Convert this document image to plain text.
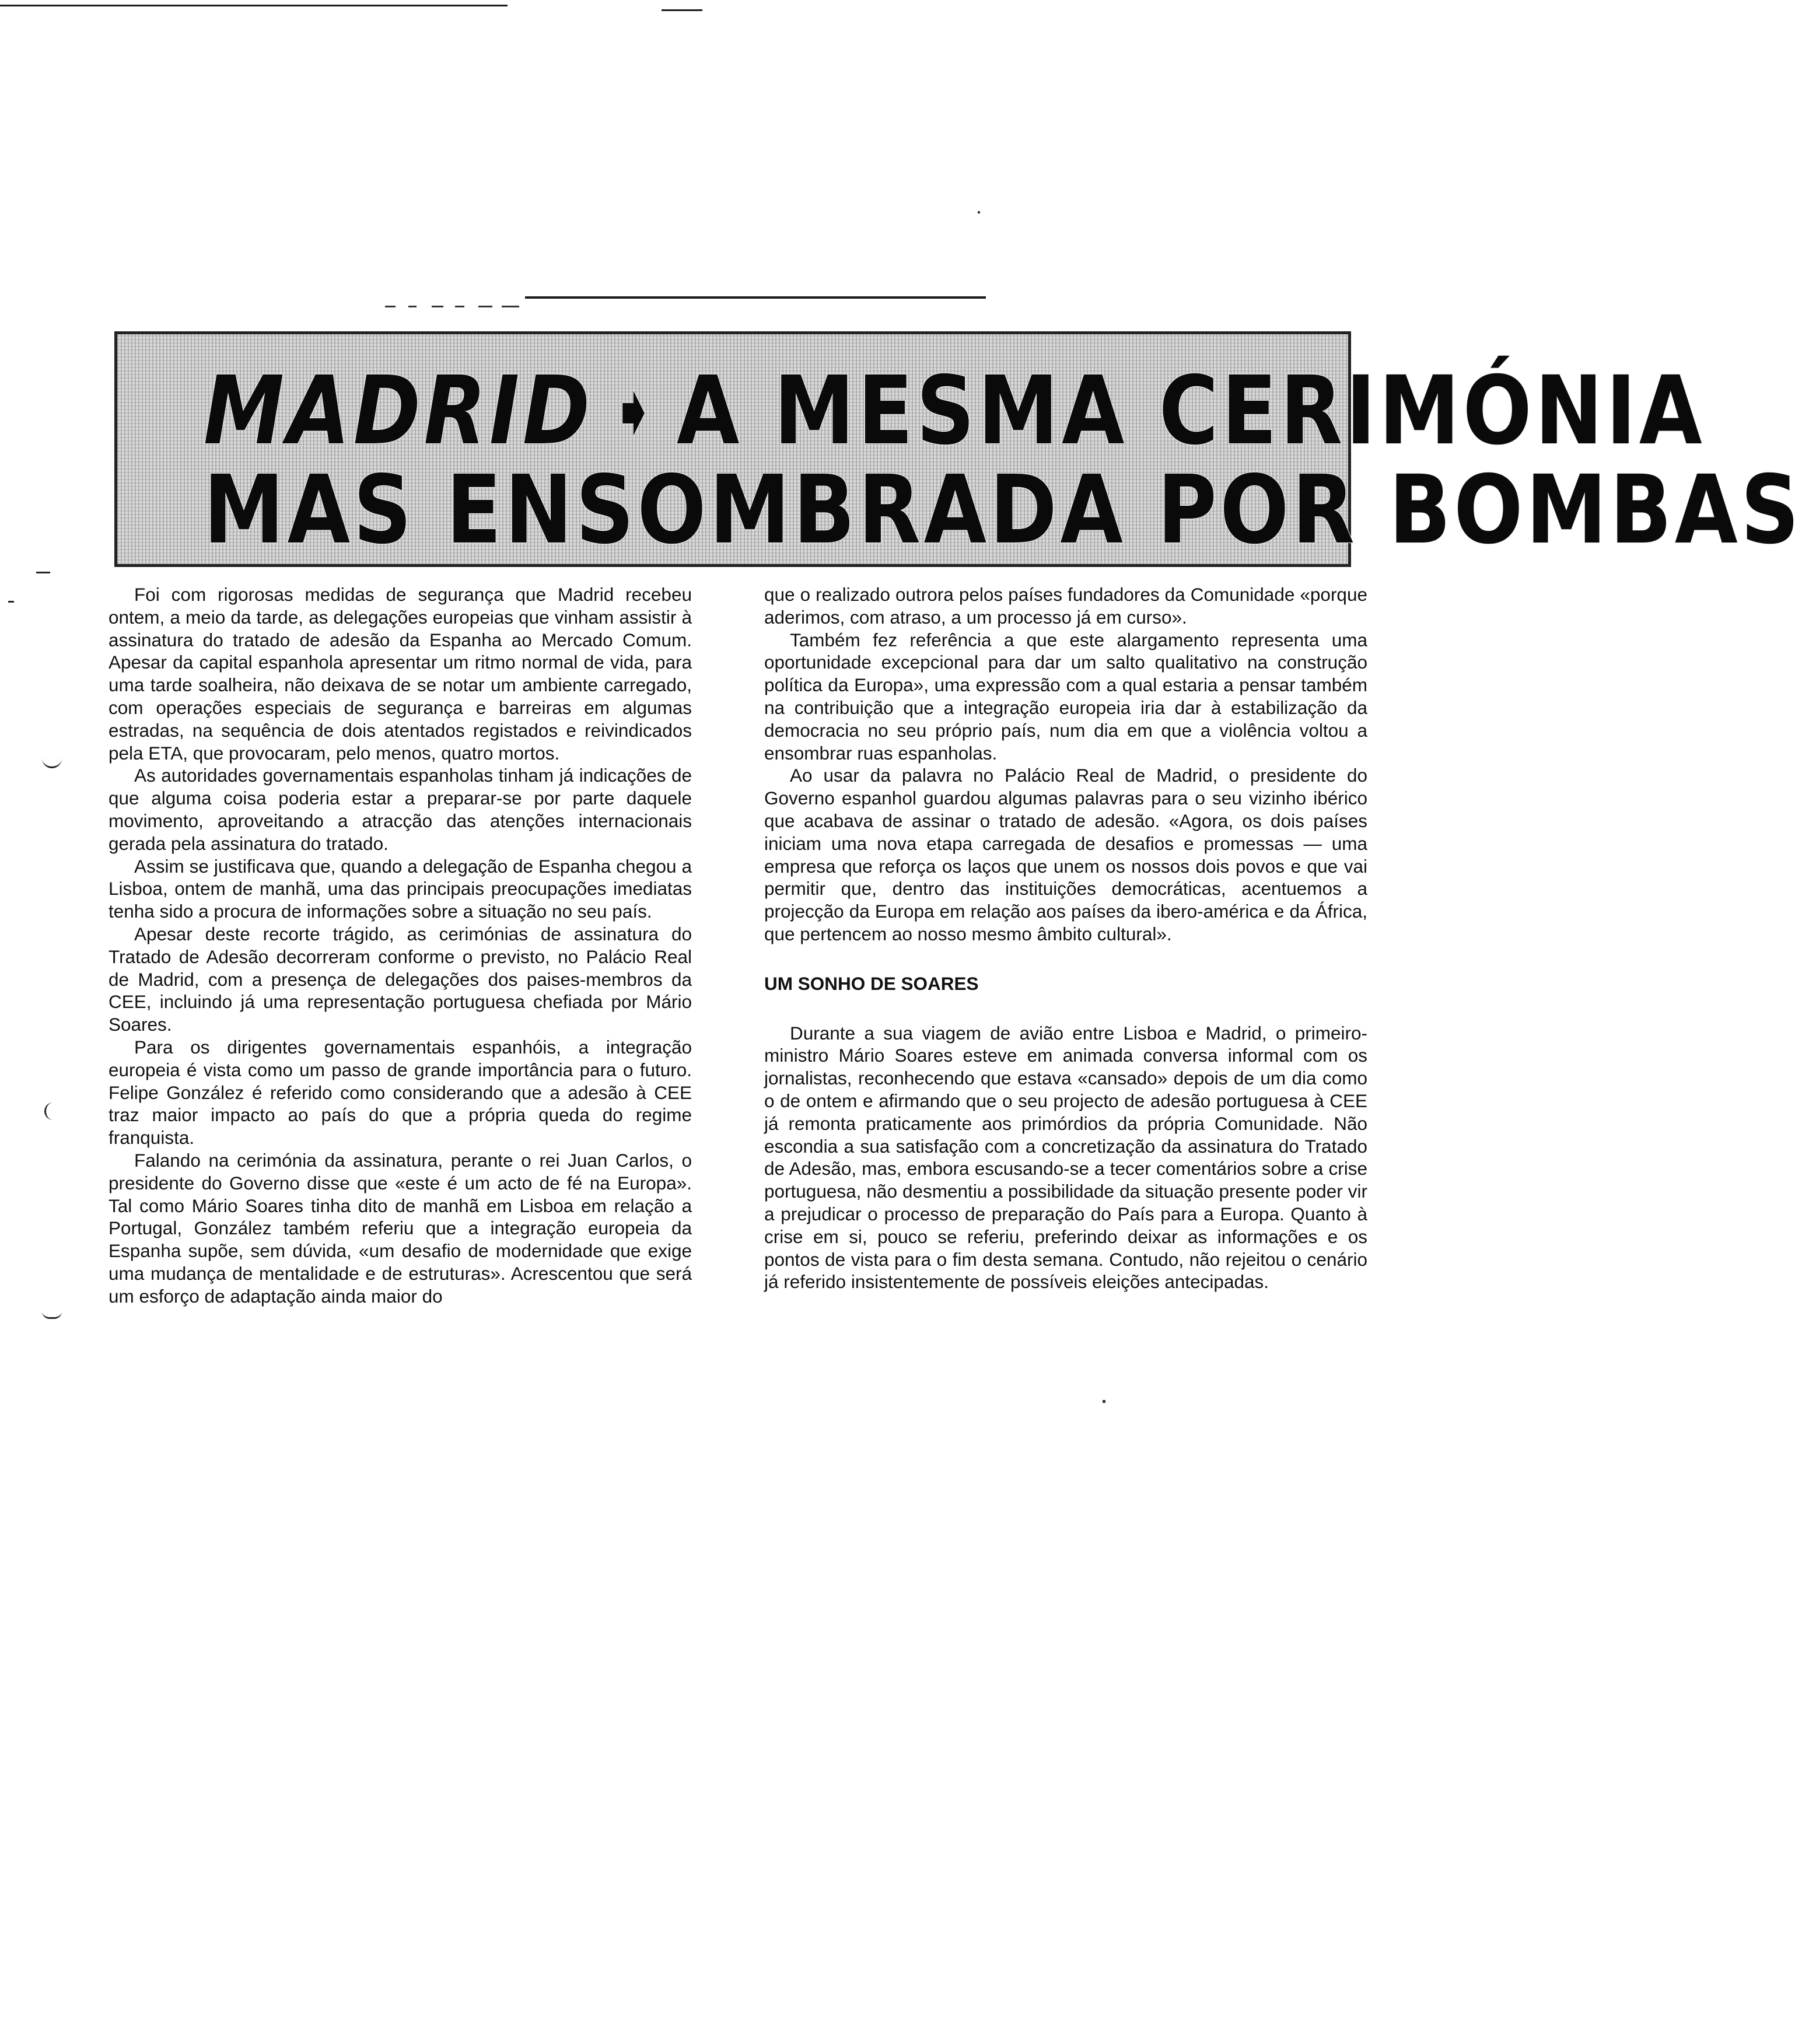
MADRID ➧ A MESMA CERIMÓNIA
MAS ENSOMBRADA POR BOMBAS

Foi com rigorosas medidas de segurança que Madrid recebeu ontem, a meio da tarde, as delegações europeias que vinham assistir à assinatura do tratado de adesão da Espanha ao Mercado Comum. Apesar da capital espanhola apresentar um ritmo normal de vida, para uma tarde soalheira, não deixava de se notar um ambiente carregado, com operações especiais de segurança e barreiras em algumas estradas, na sequência de dois atentados registados e reivindicados pela ETA, que provocaram, pelo menos, quatro mortos.

As autoridades governamentais espanholas tinham já indicações de que alguma coisa poderia estar a preparar-se por parte daquele movimento, aproveitando a atracção das atenções internacionais gerada pela assinatura do tratado.

Assim se justificava que, quando a delegação de Espanha chegou a Lisboa, ontem de manhã, uma das principais preocupações imediatas tenha sido a procura de informações sobre a situação no seu país.

Apesar deste recorte trágido, as cerimónias de assinatura do Tratado de Adesão decorreram conforme o previsto, no Palácio Real de Madrid, com a presença de delegações dos paises-membros da CEE, incluindo já uma representação portuguesa chefiada por Mário Soares.

Para os dirigentes governamentais espanhóis, a integração europeia é vista como um passo de grande importância para o futuro. Felipe González é referido como considerando que a adesão à CEE traz maior impacto ao país do que a própria queda do regime franquista.

Falando na cerimónia da assinatura, perante o rei Juan Carlos, o presidente do Governo disse que «este é um acto de fé na Europa». Tal como Mário Soares tinha dito de manhã em Lisboa em relação a Portugal, González também referiu que a integração europeia da Espanha supõe, sem dúvida, «um desafio de modernidade que exige uma mudança de mentalidade e de estruturas». Acrescentou que será um esforço de adaptação ainda maior do

que o realizado outrora pelos países fundadores da Comunidade «porque aderimos, com atraso, a um processo já em curso».

Também fez referência a que este alargamento representa uma oportunidade excepcional para dar um salto qualitativo na construção política da Europa», uma expressão com a qual estaria a pensar também na contribuição que a integração europeia iria dar à estabilização da democracia no seu próprio país, num dia em que a violência voltou a ensombrar ruas espanholas.

Ao usar da palavra no Palácio Real de Madrid, o presidente do Governo espanhol guardou algumas palavras para o seu vizinho ibérico que acabava de assinar o tratado de adesão. «Agora, os dois países iniciam uma nova etapa carregada de desafios e promessas — uma empresa que reforça os laços que unem os nossos dois povos e que vai permitir que, dentro das instituições democráticas, acentuemos a projecção da Europa em relação aos países da ibero-américa e da África, que pertencem ao nosso mesmo âmbito cultural».

UM SONHO DE SOARES

Durante a sua viagem de avião entre Lisboa e Madrid, o primeiro-ministro Mário Soares esteve em animada conversa informal com os jornalistas, reconhecendo que estava «cansado» depois de um dia como o de ontem e afirmando que o seu projecto de adesão portuguesa à CEE já remonta praticamente aos primórdios da própria Comunidade. Não escondia a sua satisfação com a concretização da assinatura do Tratado de Adesão, mas, embora escusando-se a tecer comentários sobre a crise portuguesa, não desmentiu a possibilidade da situação presente poder vir a prejudicar o processo de preparação do País para a Europa. Quanto à crise em si, pouco se referiu, preferindo deixar as informações e os pontos de vista para o fim desta semana. Contudo, não rejeitou o cenário já referido insistentemente de possíveis eleições antecipadas.
